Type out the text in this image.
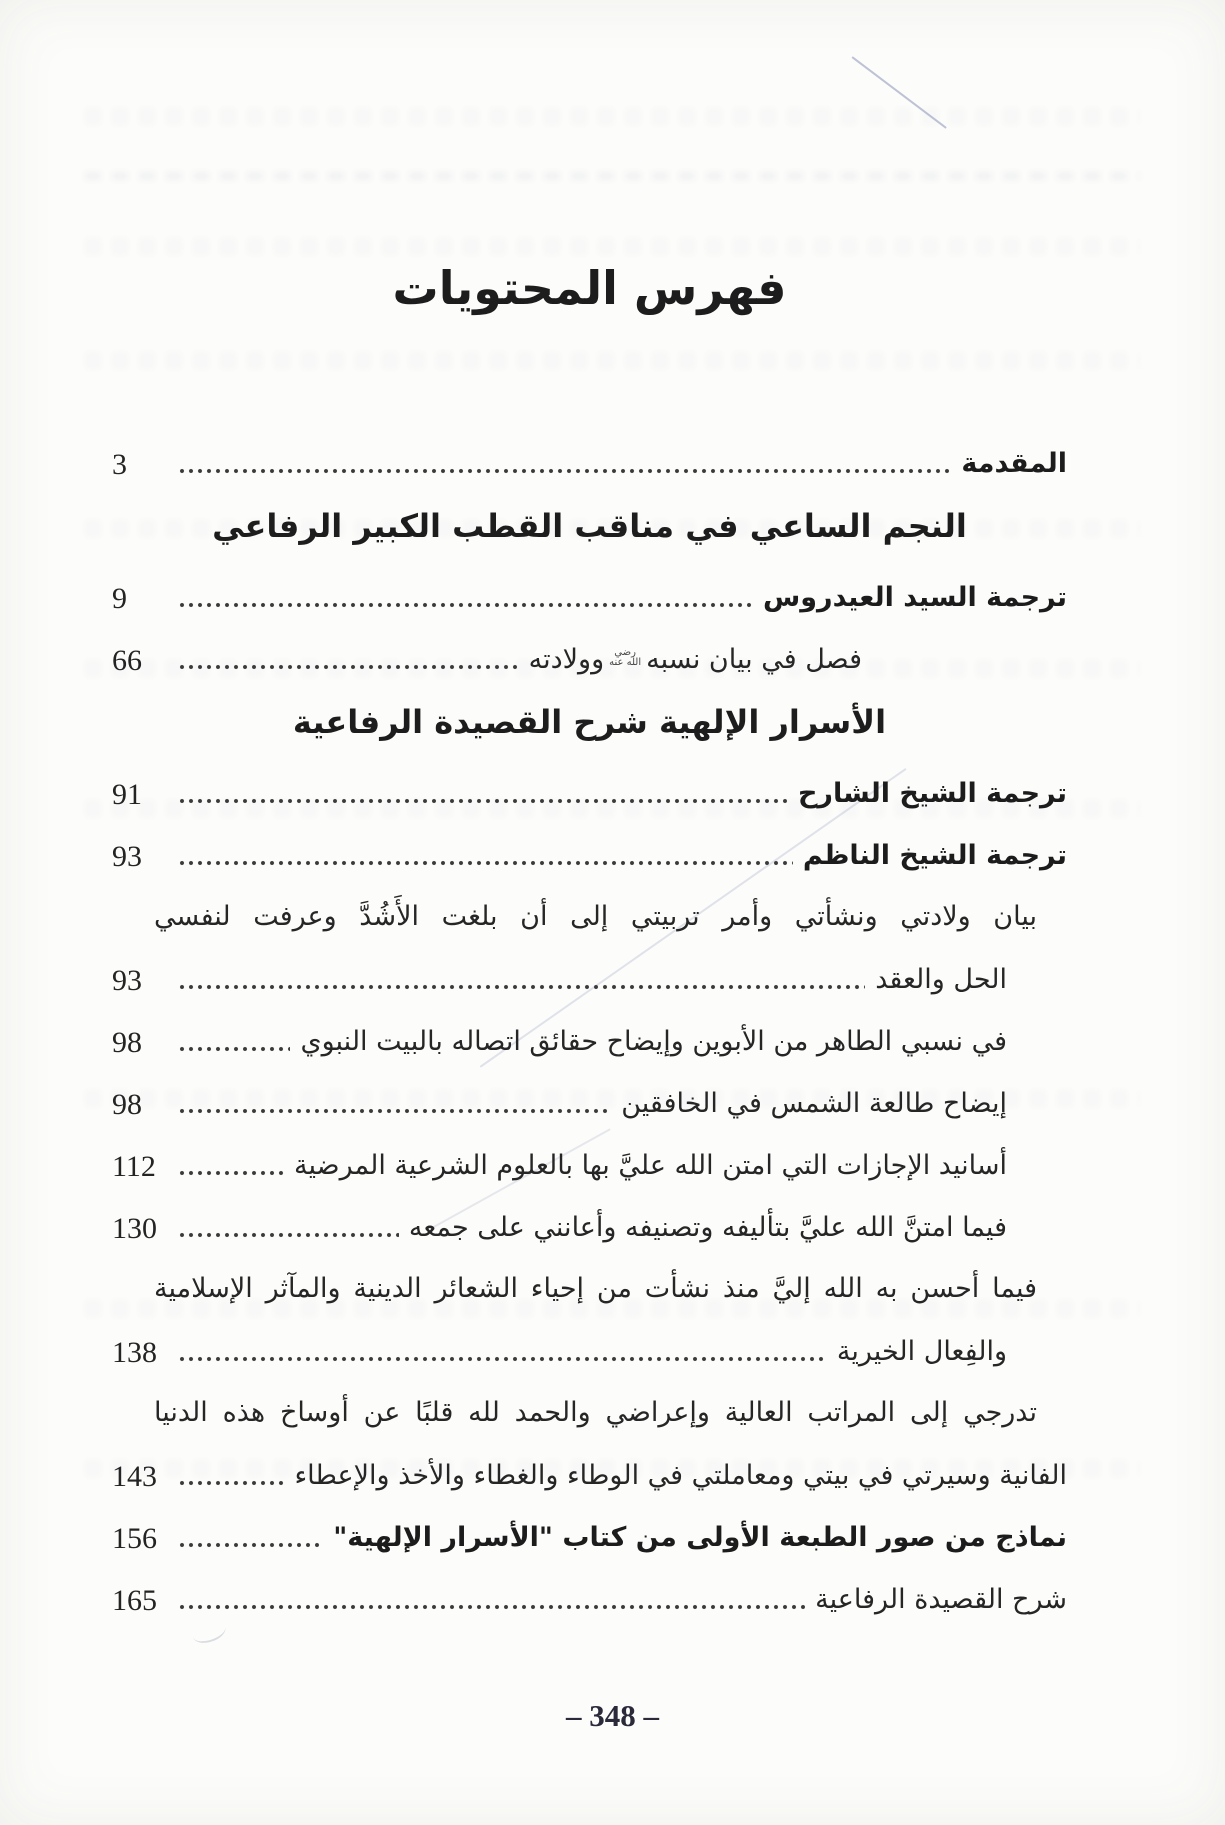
فهرس المحتويات
المقدمة
3
النجم الساعي في مناقب القطب الكبير الرفاعي
ترجمة السيد العيدروس
9
فصل في بيان نسبهرضي الله عنهوولادته
66
الأسرار الإلهية شرح القصيدة الرفاعية
ترجمة الشيخ الشارح
91
ترجمة الشيخ الناظم
93
بيان ولادتي ونشأتي وأمر تربيتي إلى أن بلغت الأَشُدَّ وعرفت لنفسي
الحل والعقد
93
في نسبي الطاهر من الأبوين وإيضاح حقائق اتصاله بالبيت النبوي
98
إيضاح طالعة الشمس في الخافقين
98
أسانيد الإجازات التي امتن الله عليَّ بها بالعلوم الشرعية المرضية
112
فيما امتنَّ الله عليَّ بتأليفه وتصنيفه وأعانني على جمعه
130
فيما أحسن به الله إليَّ منذ نشأت من إحياء الشعائر الدينية والمآثر الإسلامية
والفِعال الخيرية
138
تدرجي إلى المراتب العالية وإعراضي والحمد لله قلبًا عن أوساخ هذه الدنيا
الفانية وسيرتي في بيتي ومعاملتي في الوطاء والغطاء والأخذ والإعطاء
143
نماذج من صور الطبعة الأولى من كتاب "الأسرار الإلهية"
156
شرح القصيدة الرفاعية
165
– 348 –
